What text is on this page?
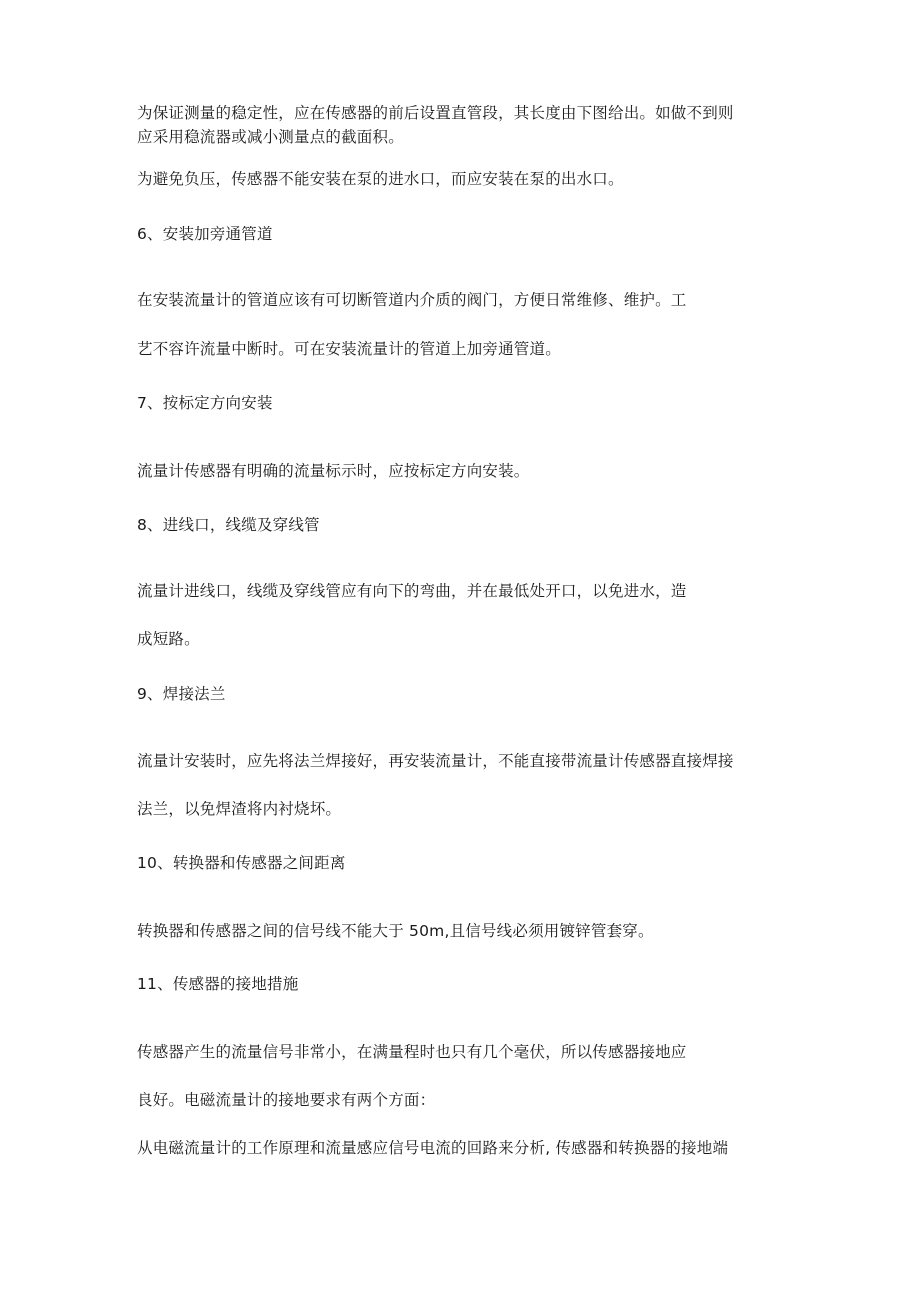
为保证测量的稳定性，应在传感器的前后设置直管段，其长度由下图给出。如做不到则
应采用稳流器或减小测量点的截面积。
为避免负压，传感器不能安装在泵的进水口，而应安装在泵的出水口。
6、安装加旁通管道
在安装流量计的管道应该有可切断管道内介质的阀门，方便日常维修、维护。工
艺不容许流量中断时。可在安装流量计的管道上加旁通管道。
7、按标定方向安装
流量计传感器有明确的流量标示时，应按标定方向安装。
8、进线口，线缆及穿线管
流量计进线口，线缆及穿线管应有向下的弯曲，并在最低处开口，以免进水，造
成短路。
9、焊接法兰
流量计安装时，应先将法兰焊接好，再安装流量计，不能直接带流量计传感器直接焊接
法兰，以免焊渣将内衬烧坏。
10、转换器和传感器之间距离
转换器和传感器之间的信号线不能大于 50m,且信号线必须用镀锌管套穿。
11、传感器的接地措施
传感器产生的流量信号非常小，在满量程时也只有几个毫伏，所以传感器接地应
良好。电磁流量计的接地要求有两个方面：
从电磁流量计的工作原理和流量感应信号电流的回路来分析, 传感器和转换器的接地端
